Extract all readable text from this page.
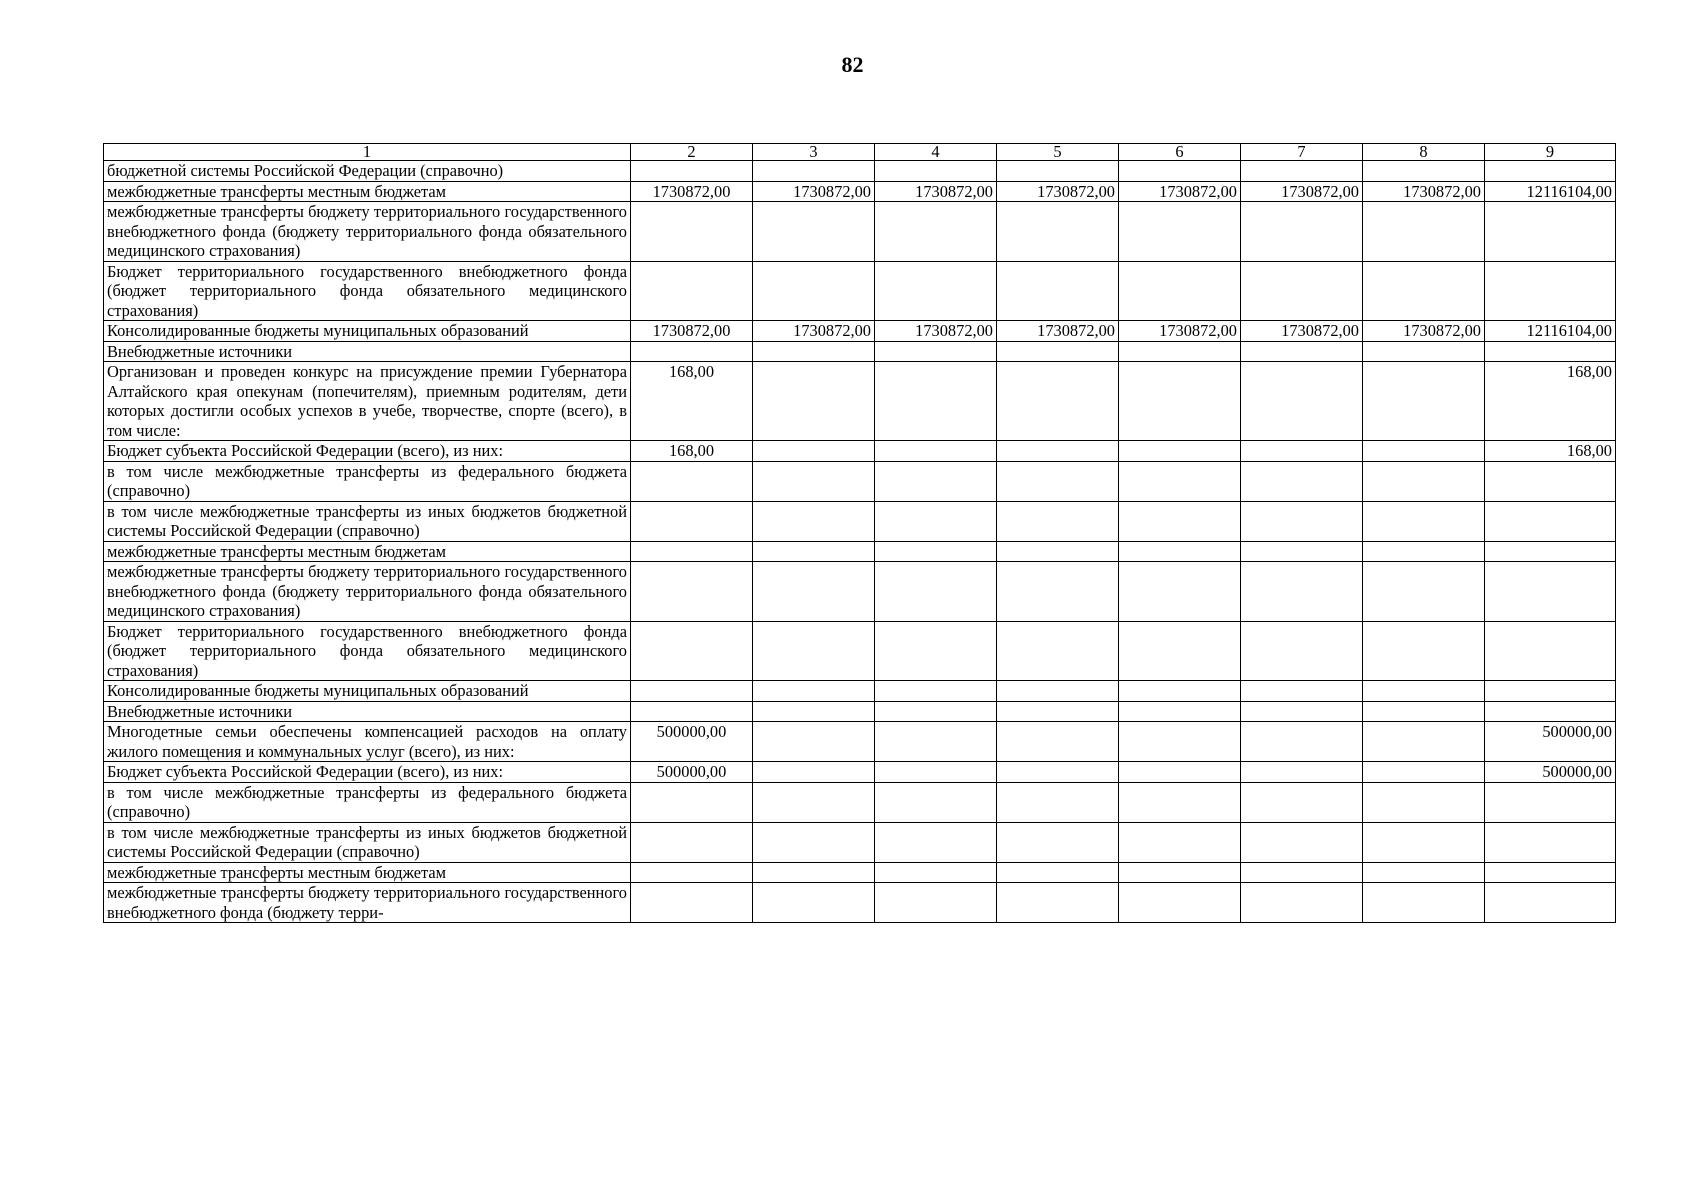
82
1	2	3	4	5	6	7	8	9
бюджетной системы Российской Федерации (справочно)								
межбюджетные трансферты местным бюджетам	1730872,00	1730872,00	1730872,00	1730872,00	1730872,00	1730872,00	1730872,00	12116104,00
межбюджетные трансферты бюджету территориального государственного внебюджетного фонда (бюджету территориального фонда обязательного медицинского страхования)								
Бюджет территориального государственного внебюджетного фонда (бюджет территориального фонда обязательного медицинского страхования)								
Консолидированные бюджеты муниципальных образований	1730872,00	1730872,00	1730872,00	1730872,00	1730872,00	1730872,00	1730872,00	12116104,00
Внебюджетные источники								
Организован и проведен конкурс на присуждение премии Губернатора Алтайского края опекунам (попечителям), приемным родителям, дети которых достигли особых успехов в учебе, творчестве, спорте (всего), в том числе:	168,00							168,00
Бюджет субъекта Российской Федерации (всего), из них:	168,00							168,00
в том числе межбюджетные трансферты из федерального бюджета (справочно)								
в том числе межбюджетные трансферты из иных бюджетов бюджетной системы Российской Федерации (справочно)								
межбюджетные трансферты местным бюджетам								
межбюджетные трансферты бюджету территориального государственного внебюджетного фонда (бюджету территориального фонда обязательного медицинского страхования)								
Бюджет территориального государственного внебюджетного фонда (бюджет территориального фонда обязательного медицинского страхования)								
Консолидированные бюджеты муниципальных образований								
Внебюджетные источники								
Многодетные семьи обеспечены компенсацией расходов на оплату жилого помещения и коммунальных услуг (всего), из них:	500000,00							500000,00
Бюджет субъекта Российской Федерации (всего), из них:	500000,00							500000,00
в том числе межбюджетные трансферты из федерального бюджета (справочно)								
в том числе межбюджетные трансферты из иных бюджетов бюджетной системы Российской Федерации (справочно)								
межбюджетные трансферты местным бюджетам								
межбюджетные трансферты бюджету территориального государственного внебюджетного фонда (бюджету терри-								
